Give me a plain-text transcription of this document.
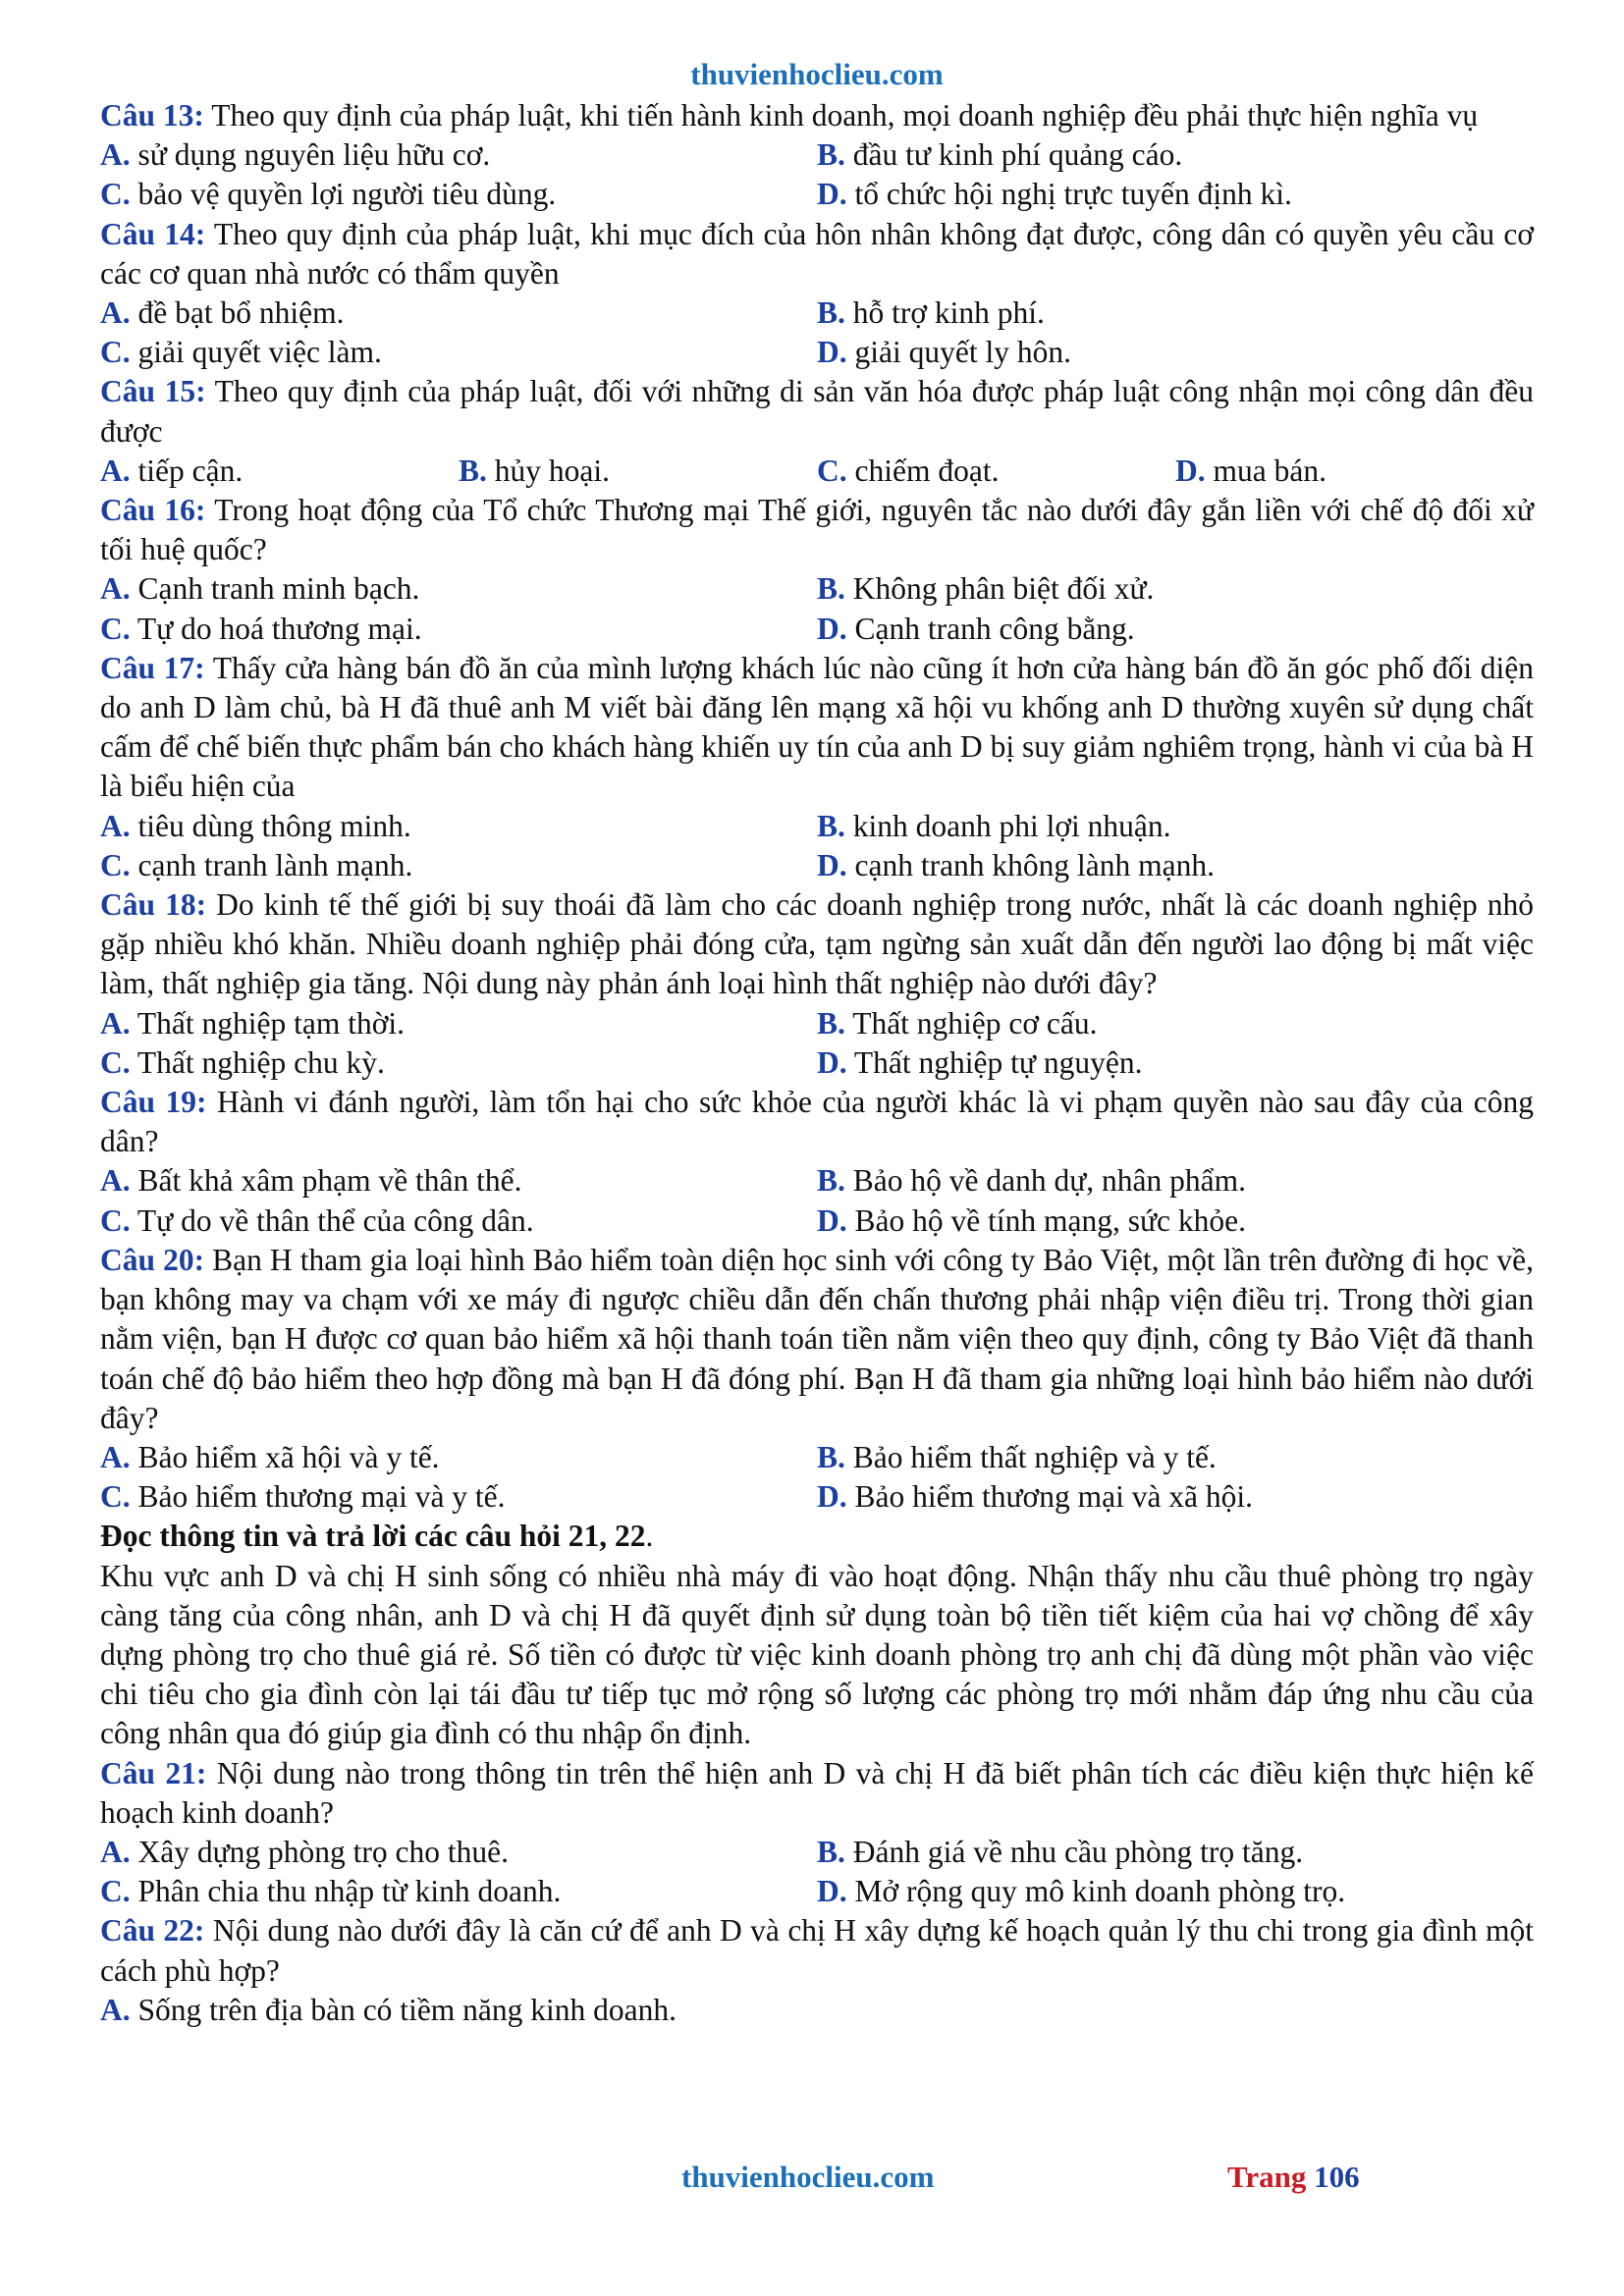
thuvienhoclieu.com

Câu 13: Theo quy định của pháp luật, khi tiến hành kinh doanh, mọi doanh nghiệp đều phải thực hiện nghĩa vụ

A. sử dụng nguyên liệu hữu cơ.	B. đầu tư kinh phí quảng cáo.
C. bảo vệ quyền lợi người tiêu dùng.	D. tổ chức hội nghị trực tuyến định kì.

Câu 14: Theo quy định của pháp luật, khi mục đích của hôn nhân không đạt được, công dân có quyền yêu cầu cơ các cơ quan nhà nước có thẩm quyền

A. đề bạt bổ nhiệm.	B. hỗ trợ kinh phí.
C. giải quyết việc làm.	D. giải quyết ly hôn.

Câu 15: Theo quy định của pháp luật, đối với những di sản văn hóa được pháp luật công nhận mọi công dân đều được

A. tiếp cận.	B. hủy hoại.	C. chiếm đoạt.	D. mua bán.

Câu 16: Trong hoạt động của Tổ chức Thương mại Thế giới, nguyên tắc nào dưới đây gắn liền với chế độ đối xử tối huệ quốc?

A. Cạnh tranh minh bạch.	B. Không phân biệt đối xử.
C. Tự do hoá thương mại.	D. Cạnh tranh công bằng.

Câu 17: Thấy cửa hàng bán đồ ăn của mình lượng khách lúc nào cũng ít hơn cửa hàng bán đồ ăn góc phố đối diện do anh D làm chủ, bà H đã thuê anh M viết bài đăng lên mạng xã hội vu khống anh D thường xuyên sử dụng chất cấm để chế biến thực phẩm bán cho khách hàng khiến uy tín của anh D bị suy giảm nghiêm trọng, hành vi của bà H là biểu hiện của

A. tiêu dùng thông minh.	B. kinh doanh phi lợi nhuận.
C. cạnh tranh lành mạnh.	D. cạnh tranh không lành mạnh.

Câu 18: Do kinh tế thế giới bị suy thoái đã làm cho các doanh nghiệp trong nước, nhất là các doanh nghiệp nhỏ gặp nhiều khó khăn. Nhiều doanh nghiệp phải đóng cửa, tạm ngừng sản xuất dẫn đến người lao động bị mất việc làm, thất nghiệp gia tăng. Nội dung này phản ánh loại hình thất nghiệp nào dưới đây?

A. Thất nghiệp tạm thời.	B. Thất nghiệp cơ cấu.
C. Thất nghiệp chu kỳ.	D. Thất nghiệp tự nguyện.

Câu 19: Hành vi đánh người, làm tổn hại cho sức khỏe của người khác là vi phạm quyền nào sau đây của công dân?

A. Bất khả xâm phạm về thân thể.	B. Bảo hộ về danh dự, nhân phẩm.
C. Tự do về thân thể của công dân.	D. Bảo hộ về tính mạng, sức khỏe.

Câu 20: Bạn H tham gia loại hình Bảo hiểm toàn diện học sinh với công ty Bảo Việt, một lần trên đường đi học về, bạn không may va chạm với xe máy đi ngược chiều dẫn đến chấn thương phải nhập viện điều trị. Trong thời gian nằm viện, bạn H được cơ quan bảo hiểm xã hội thanh toán tiền nằm viện theo quy định, công ty Bảo Việt đã thanh toán chế độ bảo hiểm theo hợp đồng mà bạn H đã đóng phí. Bạn H đã tham gia những loại hình bảo hiểm nào dưới đây?

A. Bảo hiểm xã hội và y tế.	B. Bảo hiểm thất nghiệp và y tế.
C. Bảo hiểm thương mại và y tế.	D. Bảo hiểm thương mại và xã hội.

Đọc thông tin và trả lời các câu hỏi 21, 22.

Khu vực anh D và chị H sinh sống có nhiều nhà máy đi vào hoạt động. Nhận thấy nhu cầu thuê phòng trọ ngày càng tăng của công nhân, anh D và chị H đã quyết định sử dụng toàn bộ tiền tiết kiệm của hai vợ chồng để xây dựng phòng trọ cho thuê giá rẻ. Số tiền có được từ việc kinh doanh phòng trọ anh chị đã dùng một phần vào việc chi tiêu cho gia đình còn lại tái đầu tư tiếp tục mở rộng số lượng các phòng trọ mới nhằm đáp ứng nhu cầu của công nhân qua đó giúp gia đình có thu nhập ổn định.

Câu 21: Nội dung nào trong thông tin trên thể hiện anh D và chị H đã biết phân tích các điều kiện thực hiện kế hoạch kinh doanh?

A. Xây dựng phòng trọ cho thuê.	B. Đánh giá về nhu cầu phòng trọ tăng.
C. Phân chia thu nhập từ kinh doanh.	D. Mở rộng quy mô kinh doanh phòng trọ.

Câu 22: Nội dung nào dưới đây là căn cứ để anh D và chị H xây dựng kế hoạch quản lý thu chi trong gia đình một cách phù hợp?

A. Sống trên địa bàn có tiềm năng kinh doanh.
thuvienhoclieu.com	Trang 106
